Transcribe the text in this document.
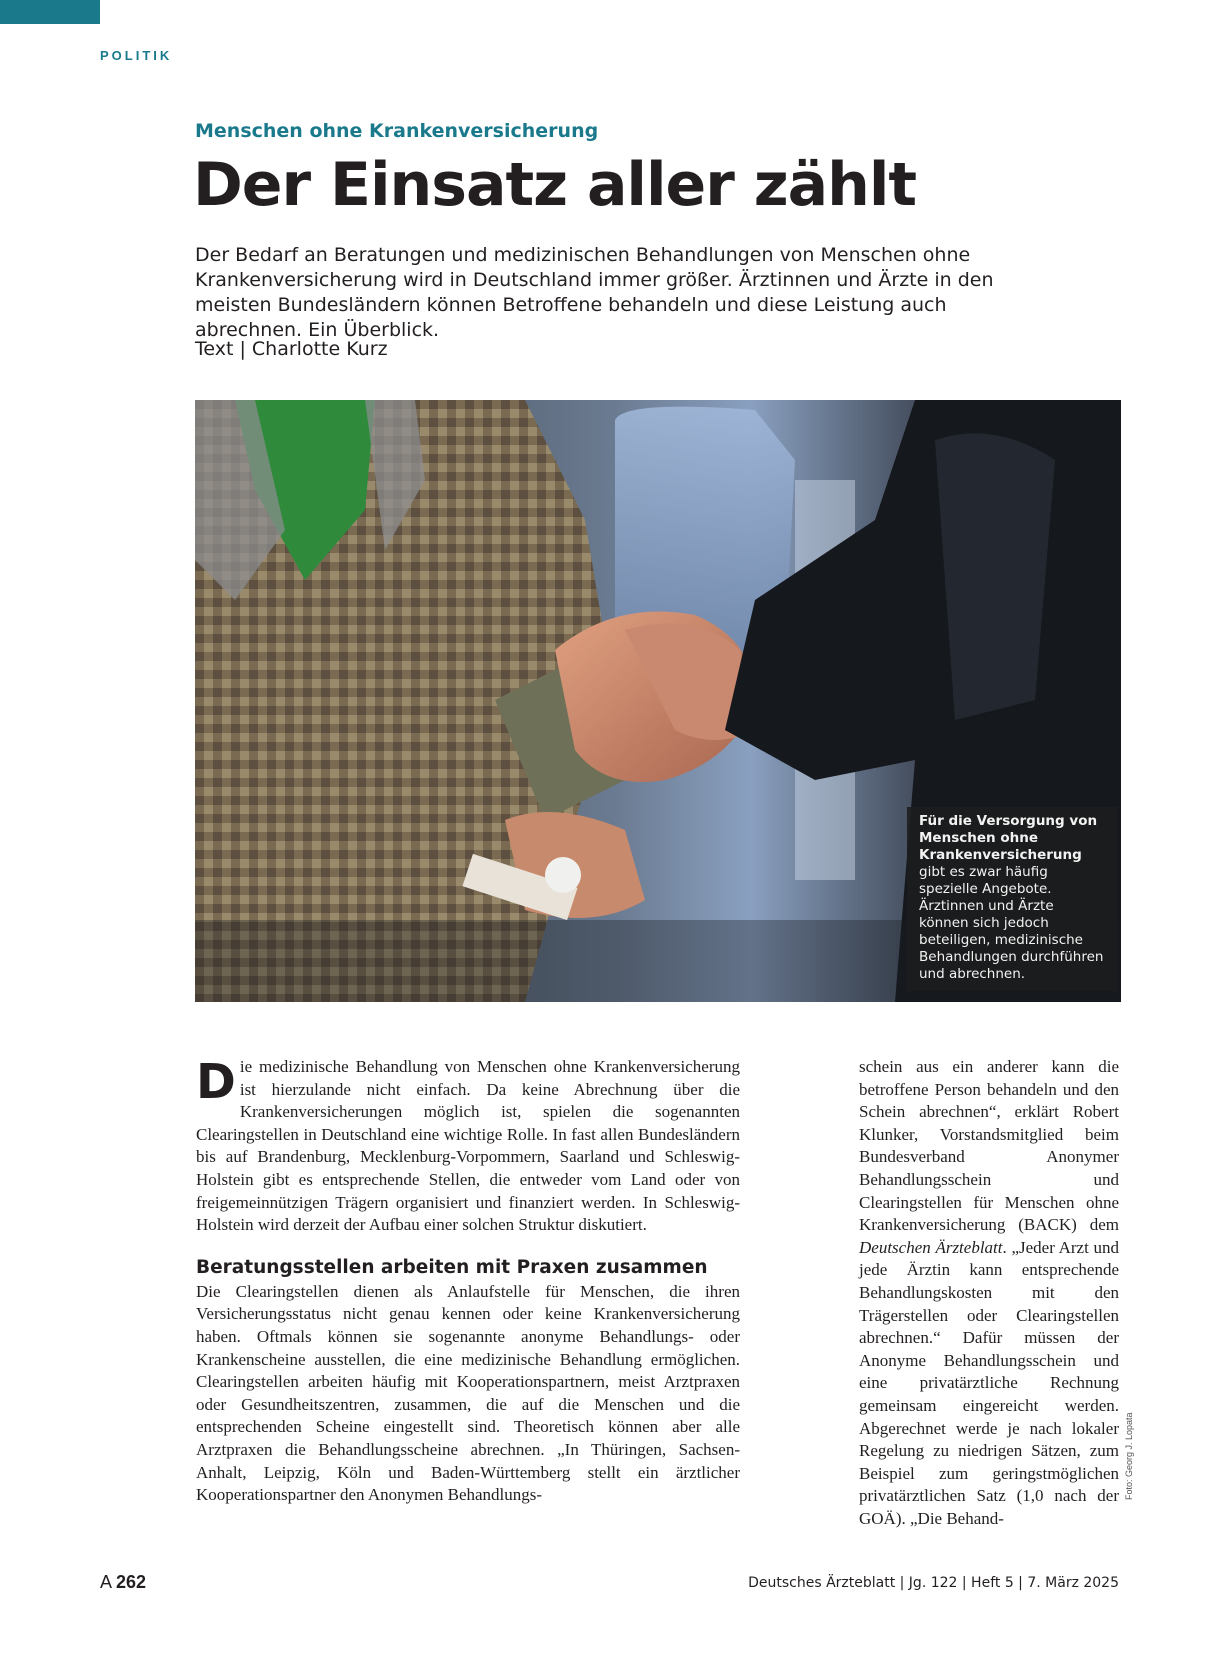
POLITIK
Menschen ohne Krankenversicherung
Der Einsatz aller zählt
Der Bedarf an Beratungen und medizinischen Behandlungen von Menschen ohne Krankenversicherung wird in Deutschland immer größer. Ärztinnen und Ärzte in den meisten Bundesländern können Betroffene behandeln und diese Leistung auch abrechnen. Ein Überblick.
Text | Charlotte Kurz
Für die Versorgung von Menschen ohne Krankenversicherung gibt es zwar häufig spezielle Angebote. Ärztinnen und Ärzte können sich jedoch beteiligen, medizinische Behandlungen durchführen und abrechnen.
Foto: Georg J. Lopata

Die medizinische Behandlung von Menschen ohne Krankenversicherung ist hierzulande nicht einfach. Da keine Abrechnung über die Krankenversicherungen möglich ist, spielen die sogenannten Clearingstellen in Deutschland eine wichtige Rolle. In fast allen Bundesländern bis auf Brandenburg, Mecklenburg-Vorpommern, Saarland und Schleswig-Holstein gibt es entsprechende Stellen, die entweder vom Land oder von freigemeinnützigen Trägern organisiert und finanziert werden. In Schleswig-Holstein wird derzeit der Aufbau einer solchen Struktur diskutiert.

Beratungsstellen arbeiten mit Praxen zusammen

Die Clearingstellen dienen als Anlaufstelle für Menschen, die ihren Versicherungsstatus nicht genau kennen oder keine Krankenversicherung haben. Oftmals können sie sogenannte anonyme Behandlungs- oder Krankenscheine ausstellen, die eine medizinische Behandlung ermöglichen. Clearingstellen arbeiten häufig mit Kooperationspartnern, meist Arztpraxen oder Gesundheitszentren, zusammen, die auf die Menschen und die entsprechenden Scheine eingestellt sind. Theoretisch können aber alle Arztpraxen die Behandlungsscheine abrechnen. „In Thüringen, Sachsen-Anhalt, Leipzig, Köln und Baden-Württemberg stellt ein ärztlicher Kooperationspartner den Anonymen Behandlungs-

schein aus ein anderer kann die betroffene Person behandeln und den Schein abrechnen“, erklärt Robert Klunker, Vorstandsmitglied beim Bundesverband Anonymer Behandlungsschein und Clearingstellen für Menschen ohne Krankenversicherung (BACK) dem Deutschen Ärzteblatt. „Jeder Arzt und jede Ärztin kann entsprechende Behandlungskosten mit den Trägerstellen oder Clearingstellen abrechnen.“ Dafür müssen der Anonyme Behandlungsschein und eine privatärztliche Rechnung gemeinsam eingereicht werden. Abgerechnet werde je nach lokaler Regelung zu niedrigen Sätzen, zum Beispiel zum geringstmöglichen privatärztlichen Satz (1,0 nach der GOÄ). „Die Behand-

A 262	Deutsches Ärzteblatt | Jg. 122 | Heft 5 | 7. März 2025
